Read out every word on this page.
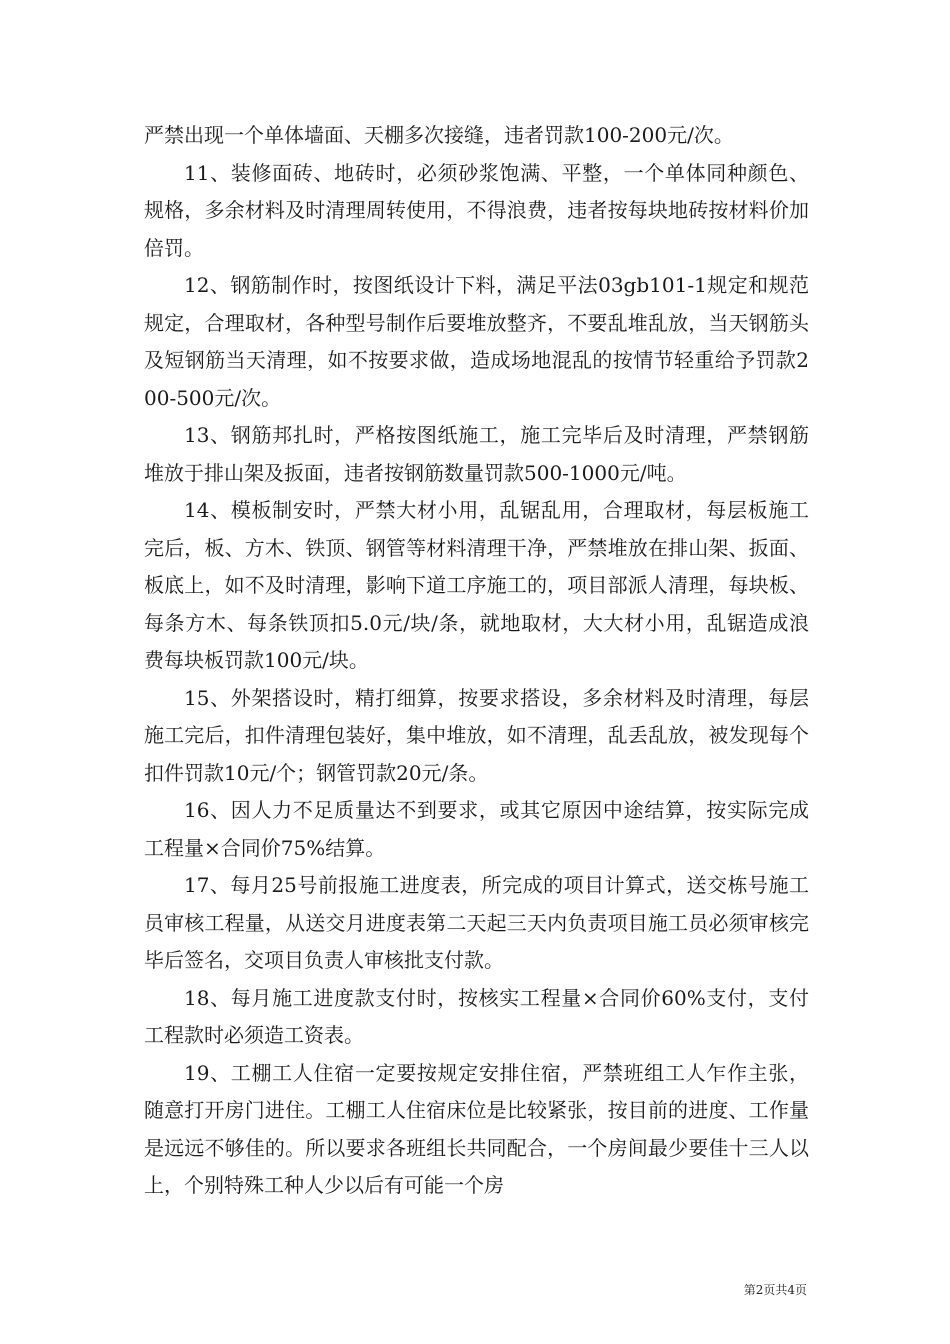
严禁出现一个单体墙面、天棚多次接缝，违者罚款100-200元/次。

11、装修面砖、地砖时，必须砂浆饱满、平整，一个单体同种颜色、规格，多余材料及时清理周转使用，不得浪费，违者按每块地砖按材料价加倍罚。

12、钢筋制作时，按图纸设计下料，满足平法03gb101-1规定和规范规定，合理取材，各种型号制作后要堆放整齐，不要乱堆乱放，当天钢筋头及短钢筋当天清理，如不按要求做，造成场地混乱的按情节轻重给予罚款200-500元/次。

13、钢筋邦扎时，严格按图纸施工，施工完毕后及时清理，严禁钢筋堆放于排山架及扳面，违者按钢筋数量罚款500-1000元/吨。

14、模板制安时，严禁大材小用，乱锯乱用，合理取材，每层板施工完后，板、方木、铁顶、钢管等材料清理干净，严禁堆放在排山架、扳面、板底上，如不及时清理，影响下道工序施工的，项目部派人清理，每块板、每条方木、每条铁顶扣5.0元/块/条，就地取材，大大材小用，乱锯造成浪费每块板罚款100元/块。

15、外架搭设时，精打细算，按要求搭设，多余材料及时清理，每层施工完后，扣件清理包装好，集中堆放，如不清理，乱丢乱放，被发现每个扣件罚款10元/个；钢管罚款20元/条。

16、因人力不足质量达不到要求，或其它原因中途结算，按实际完成工程量×合同价75%结算。

17、每月25号前报施工进度表，所完成的项目计算式，送交栋号施工员审核工程量，从送交月进度表第二天起三天内负责项目施工员必须审核完毕后签名，交项目负责人审核批支付款。

18、每月施工进度款支付时，按核实工程量×合同价60%支付，支付工程款时必须造工资表。

19、工棚工人住宿一定要按规定安排住宿，严禁班组工人乍作主张，随意打开房门进住。工棚工人住宿床位是比较紧张，按目前的进度、工作量是远远不够佳的。所以要求各班组长共同配合，一个房间最少要佳十三人以上，个别特殊工种人少以后有可能一个房

第2页共4页
